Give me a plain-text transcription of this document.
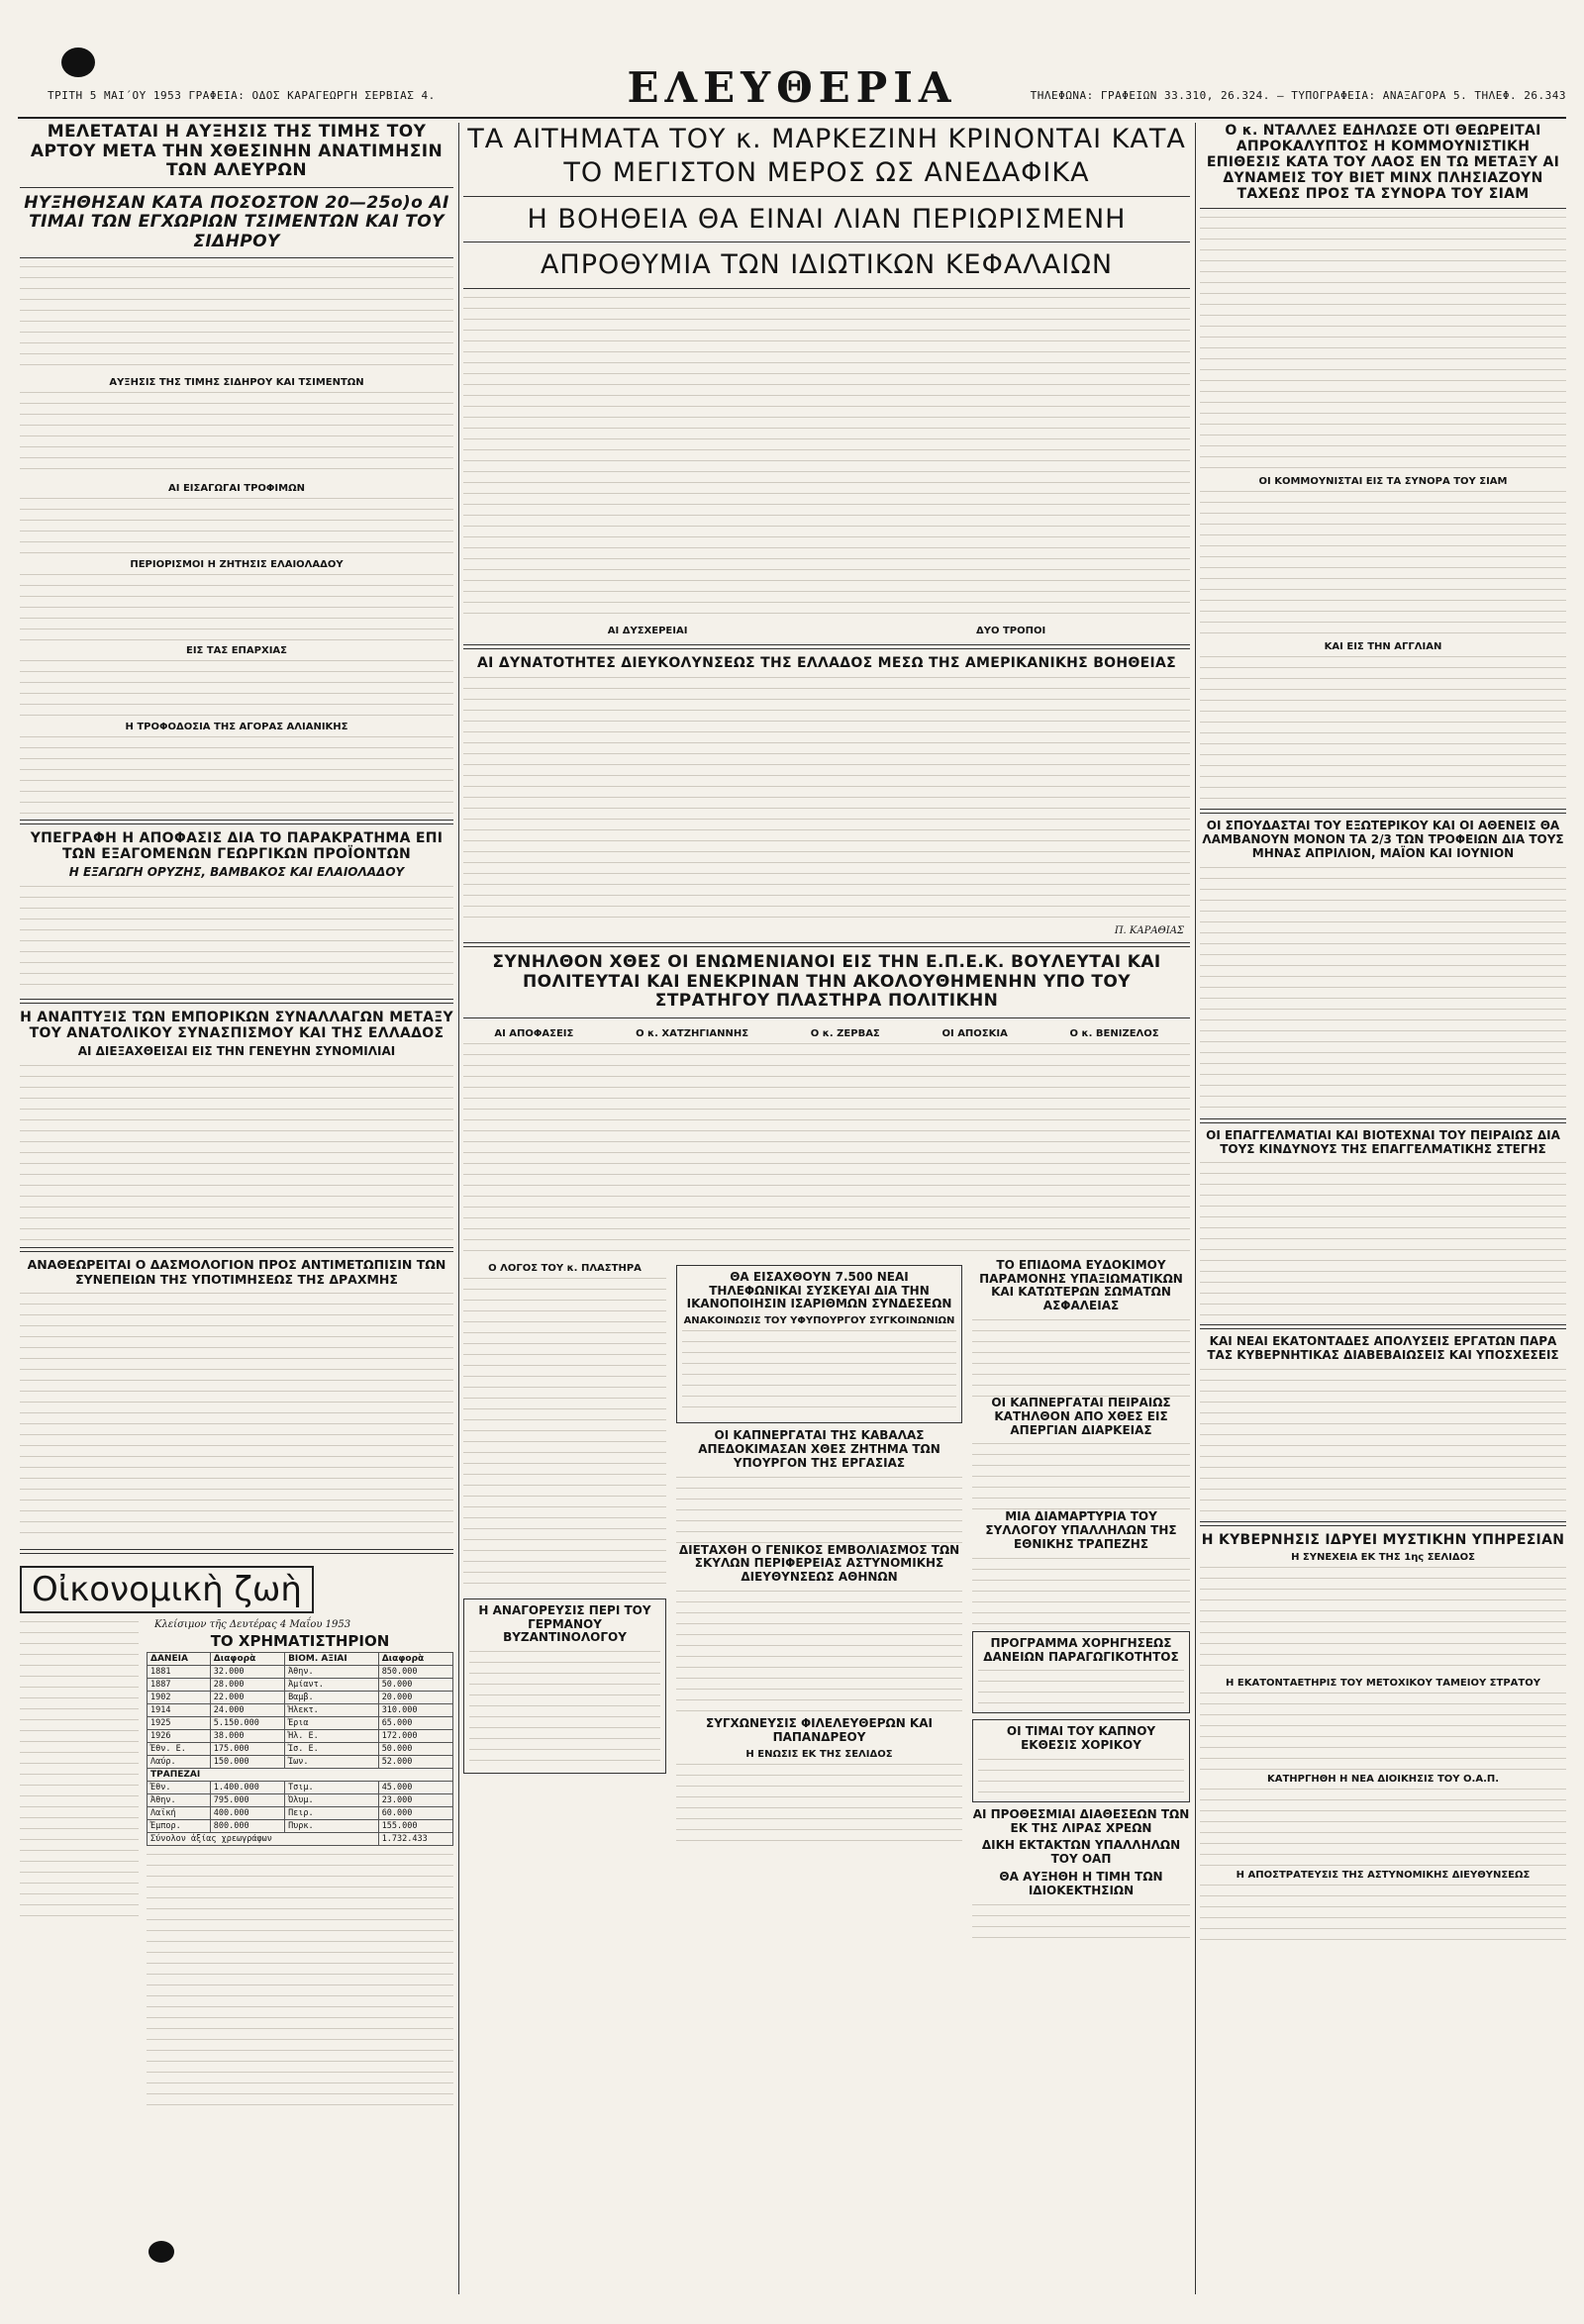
ΤΡΙΤΗ 5 ΜΑΙ΄ΟΥ 1953 ΓΡΑΦΕΙΑ: ΟΔΟΣ ΚΑΡΑΓΕΩΡΓΗ ΣΕΡΒΙΑΣ 4.	ΕΛΕΥΘΕΡΙΑ	ΤΗΛΕΦΩΝΑ: ΓΡΑΦΕΙΩΝ 33.310, 26.324. — ΤΥΠΟΓΡΑΦΕΙΑ: ΑΝΑΞΑΓΟΡΑ 5. ΤΗΛΕΦ. 26.343
ΜΕΛΕΤΑΤΑΙ Η ΑΥΞΗΣΙΣ ΤΗΣ ΤΙΜΗΣ ΤΟΥ ΑΡΤΟΥ ΜΕΤΑ ΤΗΝ ΧΘΕΣΙΝΗΝ ΑΝΑΤΙΜΗΣΙΝ ΤΩΝ ΑΛΕΥΡΩΝ
ΗΥΞΗΘΗΣΑΝ ΚΑΤΑ ΠΟΣΟΣΤΟΝ 20—25ο)ο ΑΙ ΤΙΜΑΙ ΤΩΝ ΕΓΧΩΡΙΩΝ ΤΣΙΜΕΝΤΩΝ ΚΑΙ ΤΟΥ ΣΙΔΗΡΟΥ
ΑΥΞΗΣΙΣ ΤΗΣ ΤΙΜΗΣ ΣΙΔΗΡΟΥ ΚΑΙ ΤΣΙΜΕΝΤΩΝ
ΑΙ ΕΙΣΑΓΩΓΑΙ ΤΡΟΦΙΜΩΝ
ΠΕΡΙΟΡΙΣΜΟΙ Η ΖΗΤΗΣΙΣ ΕΛΑΙΟΛΑΔΟΥ
ΕΙΣ ΤΑΣ ΕΠΑΡΧΙΑΣ
Η ΤΡΟΦΟΔΟΣΙΑ ΤΗΣ ΑΓΟΡΑΣ ΑΛΙΑΝΙΚΗΣ
ΥΠΕΓΡΑΦΗ Η ΑΠΟΦΑΣΙΣ ΔΙΑ ΤΟ ΠΑΡΑΚΡΑΤΗΜΑ ΕΠΙ ΤΩΝ ΕΞΑΓΟΜΕΝΩΝ ΓΕΩΡΓΙΚΩΝ ΠΡΟΪΟΝΤΩΝ
Η ΕΞΑΓΩΓΗ ΟΡΥΖΗΣ, ΒΑΜΒΑΚΟΣ ΚΑΙ ΕΛΑΙΟΛΑΔΟΥ
Η ΑΝΑΠΤΥΞΙΣ ΤΩΝ ΕΜΠΟΡΙΚΩΝ ΣΥΝΑΛΛΑΓΩΝ ΜΕΤΑΞΥ ΤΟΥ ΑΝΑΤΟΛΙΚΟΥ ΣΥΝΑΣΠΙΣΜΟΥ ΚΑΙ ΤΗΣ ΕΛΛΑΔΟΣ
ΑΙ ΔΙΕΞΑΧΘΕΙΣΑΙ ΕΙΣ ΤΗΝ ΓΕΝΕΥΗΝ ΣΥΝΟΜΙΛΙΑΙ
ΑΝΑΘΕΩΡΕΙΤΑΙ Ο ΔΑΣΜΟΛΟΓΙΟΝ ΠΡΟΣ ΑΝΤΙΜΕΤΩΠΙΣΙΝ ΤΩΝ ΣΥΝΕΠΕΙΩΝ ΤΗΣ ΥΠΟΤΙΜΗΣΕΩΣ ΤΗΣ ΔΡΑΧΜΗΣ
Οἰκονομικὴ ζωὴ
Κλείσιμον τῆς Δευτέρας 4 Μαΐου 1953
ΤΟ ΧΡΗΜΑΤΙΣΤΗΡΙΟΝ
ΔΑΝΕΙΑ	Διαφορὰ	ΒΙΟΜ. ΑΞΙΑΙ	Διαφορὰ
1881	32.000	Ἀθην.	850.000
1887	28.000	Ἀμίαντ.	50.000
1902	22.000	Βαμβ.	20.000
1914	24.000	Ἠλεκτ.	310.000
1925	5.150.000	Ἐρια	65.000
1926	38.000	Ἠλ. Ε.	172.000
Ἐθν. Ε.	175.000	Ἰσ. Ε.	50.000
Λαύρ.	150.000	Ἰων.	52.000
ΤΡΑΠΕΖΑΙ			
Ἐθν.	1.400.000	Τσιμ.	45.000
Ἀθην.	795.000	Ὀλυμ.	23.000
Λαϊκή	400.000	Πειρ.	60.000
Ἐμπορ.	800.000	Πυρκ.	155.000
Σύνολον ἀξίας χρεωγράφων			1.732.433
ΤΑ ΑΙΤΗΜΑΤΑ ΤΟΥ κ. ΜΑΡΚΕΖΙΝΗ ΚΡΙΝΟΝΤΑΙ ΚΑΤΑ ΤΟ ΜΕΓΙΣΤΟΝ ΜΕΡΟΣ ΩΣ ΑΝΕΔΑΦΙΚΑ
Η ΒΟΗΘΕΙΑ ΘΑ ΕΙΝΑΙ ΛΙΑΝ ΠΕΡΙΩΡΙΣΜΕΝΗ
ΑΠΡΟΘΥΜΙΑ ΤΩΝ ΙΔΙΩΤΙΚΩΝ ΚΕΦΑΛΑΙΩΝ
ΑΙ ΔΥΣΧΕΡΕΙΑΙ	ΔΥΟ ΤΡΟΠΟΙ
ΑΙ ΔΥΝΑΤΟΤΗΤΕΣ ΔΙΕΥΚΟΛΥΝΣΕΩΣ ΤΗΣ ΕΛΛΑΔΟΣ ΜΕΣΩ ΤΗΣ ΑΜΕΡΙΚΑΝΙΚΗΣ ΒΟΗΘΕΙΑΣ
Π. ΚΑΡΑΘΙΑΣ
ΣΥΝΗΛΘΟΝ ΧΘΕΣ ΟΙ ΕΝΩΜΕΝΙΑΝΟΙ ΕΙΣ ΤΗΝ Ε.Π.Ε.Κ. ΒΟΥΛΕΥΤΑΙ ΚΑΙ ΠΟΛΙΤΕΥΤΑΙ ΚΑΙ ΕΝΕΚΡΙΝΑΝ ΤΗΝ ΑΚΟΛΟΥΘΗΜΕΝΗΝ ΥΠΟ ΤΟΥ ΣΤΡΑΤΗΓΟΥ ΠΛΑΣΤΗΡΑ ΠΟΛΙΤΙΚΗΝ
ΑΙ ΑΠΟΦΑΣΕΙΣ	Ο κ. ΧΑΤΖΗΓΙΑΝΝΗΣ	Ο κ. ΖΕΡΒΑΣ	ΟΙ ΑΠΟΣΚΙΑ	Ο κ. ΒΕΝΙΖΕΛΟΣ
Ο ΛΟΓΟΣ ΤΟΥ κ. ΠΛΑΣΤΗΡΑ
Η ΑΝΑΓΟΡΕΥΣΙΣ ΠΕΡΙ ΤΟΥ ΓΕΡΜΑΝΟΥ ΒΥΖΑΝΤΙΝΟΛΟΓΟΥ
ΘΑ ΕΙΣΑΧΘΟΥΝ 7.500 ΝΕΑΙ ΤΗΛΕΦΩΝΙΚΑΙ ΣΥΣΚΕΥΑΙ ΔΙΑ ΤΗΝ ΙΚΑΝΟΠΟΙΗΣΙΝ ΙΣΑΡΙΘΜΩΝ ΣΥΝΔΕΣΕΩΝ
ΑΝΑΚΟΙΝΩΣΙΣ ΤΟΥ ΥΦΥΠΟΥΡΓΟΥ ΣΥΓΚΟΙΝΩΝΙΩΝ
ΟΙ ΚΑΠΝΕΡΓΑΤΑΙ ΤΗΣ ΚΑΒΑΛΑΣ ΑΠΕΔΟΚΙΜΑΣΑΝ ΧΘΕΣ ΖΗΤΗΜΑ ΤΩΝ ΥΠΟΥΡΓΟΝ ΤΗΣ ΕΡΓΑΣΙΑΣ
ΔΙΕΤΑΧΘΗ Ο ΓΕΝΙΚΟΣ ΕΜΒΟΛΙΑΣΜΟΣ ΤΩΝ ΣΚΥΛΩΝ ΠΕΡΙΦΕΡΕΙΑΣ ΑΣΤΥΝΟΜΙΚΗΣ ΔΙΕΥΘΥΝΣΕΩΣ ΑΘΗΝΩΝ
ΣΥΓΧΩΝΕΥΣΙΣ ΦΙΛΕΛΕΥΘΕΡΩΝ ΚΑΙ ΠΑΠΑΝΔΡΕΟΥ
Η ΕΝΩΣΙΣ ΕΚ ΤΗΣ ΣΕΛΙΔΟΣ
ΤΟ ΕΠΙΔΟΜΑ ΕΥΔΟΚΙΜΟΥ ΠΑΡΑΜΟΝΗΣ ΥΠΑΞΙΩΜΑΤΙΚΩΝ ΚΑΙ ΚΑΤΩΤΕΡΩΝ ΣΩΜΑΤΩΝ ΑΣΦΑΛΕΙΑΣ
ΟΙ ΚΑΠΝΕΡΓΑΤΑΙ ΠΕΙΡΑΙΩΣ ΚΑΤΗΛΘΟΝ ΑΠΟ ΧΘΕΣ ΕΙΣ ΑΠΕΡΓΙΑΝ ΔΙΑΡΚΕΙΑΣ
ΜΙΑ ΔΙΑΜΑΡΤΥΡΙΑ ΤΟΥ ΣΥΛΛΟΓΟΥ ΥΠΑΛΛΗΛΩΝ ΤΗΣ ΕΘΝΙΚΗΣ ΤΡΑΠΕΖΗΣ
ΠΡΟΓΡΑΜΜΑ ΧΟΡΗΓΗΣΕΩΣ ΔΑΝΕΙΩΝ ΠΑΡΑΓΩΓΙΚΟΤΗΤΟΣ
ΟΙ ΤΙΜΑΙ ΤΟΥ ΚΑΠΝΟΥ ΕΚΘΕΣΙΣ ΧΟΡΙΚΟΥ
ΑΙ ΠΡΟΘΕΣΜΙΑΙ ΔΙΑΘΕΣΕΩΝ ΤΩΝ ΕΚ ΤΗΣ ΛΙΡΑΣ ΧΡΕΩΝ
ΔΙΚΗ ΕΚΤΑΚΤΩΝ ΥΠΑΛΛΗΛΩΝ ΤΟΥ ΟΑΠ
ΘΑ ΑΥΞΗΘΗ Η ΤΙΜΗ ΤΩΝ ΙΔΙΟΚΕΚΤΗΣΙΩΝ
Ο κ. ΝΤΑΛΛΕΣ ΕΔΗΛΩΣΕ ΟΤΙ ΘΕΩΡΕΙΤΑΙ ΑΠΡΟΚΑΛΥΠΤΟΣ Η ΚΟΜΜΟΥΝΙΣΤΙΚΗ ΕΠΙΘΕΣΙΣ ΚΑΤΑ ΤΟΥ ΛΑΟΣ ΕΝ ΤΩ ΜΕΤΑΞΥ ΑΙ ΔΥΝΑΜΕΙΣ ΤΟΥ ΒΙΕΤ ΜΙΝΧ ΠΛΗΣΙΑΖΟΥΝ ΤΑΧΕΩΣ ΠΡΟΣ ΤΑ ΣΥΝΟΡΑ ΤΟΥ ΣΙΑΜ
ΟΙ ΚΟΜΜΟΥΝΙΣΤΑΙ ΕΙΣ ΤΑ ΣΥΝΟΡΑ ΤΟΥ ΣΙΑΜ
ΚΑΙ ΕΙΣ ΤΗΝ ΑΓΓΛΙΑΝ
ΟΙ ΣΠΟΥΔΑΣΤΑΙ ΤΟΥ ΕΞΩΤΕΡΙΚΟΥ ΚΑΙ ΟΙ ΑΘΕΝΕΙΣ ΘΑ ΛΑΜΒΑΝΟΥΝ ΜΟΝΟΝ ΤΑ 2/3 ΤΩΝ ΤΡΟΦΕΙΩΝ ΔΙΑ ΤΟΥΣ ΜΗΝΑΣ ΑΠΡΙΛΙΟΝ, ΜΑΪΟΝ ΚΑΙ ΙΟΥΝΙΟΝ
ΟΙ ΕΠΑΓΓΕΛΜΑΤΙΑΙ ΚΑΙ ΒΙΟΤΕΧΝΑΙ ΤΟΥ ΠΕΙΡΑΙΩΣ ΔΙΑ ΤΟΥΣ ΚΙΝΔΥΝΟΥΣ ΤΗΣ ΕΠΑΓΓΕΛΜΑΤΙΚΗΣ ΣΤΕΓΗΣ
ΚΑΙ ΝΕΑΙ ΕΚΑΤΟΝΤΑΔΕΣ ΑΠΟΛΥΣΕΙΣ ΕΡΓΑΤΩΝ ΠΑΡΑ ΤΑΣ ΚΥΒΕΡΝΗΤΙΚΑΣ ΔΙΑΒΕΒΑΙΩΣΕΙΣ ΚΑΙ ΥΠΟΣΧΕΣΕΙΣ
Η ΚΥΒΕΡΝΗΣΙΣ ΙΔΡΥΕΙ ΜΥΣΤΙΚΗΝ ΥΠΗΡΕΣΙΑΝ
Η ΣΥΝΕΧΕΙΑ ΕΚ ΤΗΣ 1ης ΣΕΛΙΔΟΣ
Η ΕΚΑΤΟΝΤΑΕΤΗΡΙΣ ΤΟΥ ΜΕΤΟΧΙΚΟΥ ΤΑΜΕΙΟΥ ΣΤΡΑΤΟΥ
ΚΑΤΗΡΓΗΘΗ Η ΝΕΑ ΔΙΟΙΚΗΣΙΣ ΤΟΥ Ο.Α.Π.
Η ΑΠΟΣΤΡΑΤΕΥΣΙΣ ΤΗΣ ΑΣΤΥΝΟΜΙΚΗΣ ΔΙΕΥΘΥΝΣΕΩΣ
